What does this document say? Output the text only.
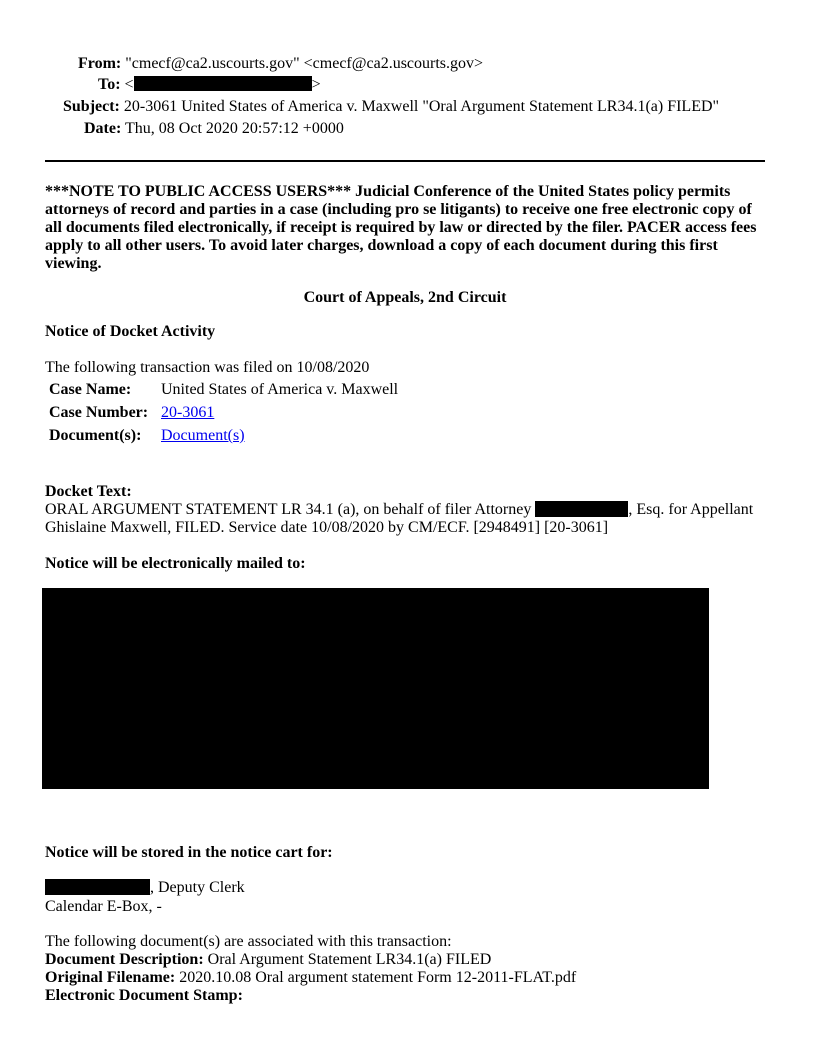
From: "cmecf@ca2.uscourts.gov" <cmecf@ca2.uscourts.gov>
To: <	>
Subject: 20-3061 United States of America v. Maxwell "Oral Argument Statement LR34.1(a) FILED"
Date: Thu, 08 Oct 2020 20:57:12 +0000
***NOTE TO PUBLIC ACCESS USERS*** Judicial Conference of the United States policy permits attorneys of record and parties in a case (including pro se litigants) to receive one free electronic copy of all documents filed electronically, if receipt is required by law or directed by the filer. PACER access fees apply to all other users. To avoid later charges, download a copy of each document during this first viewing.
Court of Appeals, 2nd Circuit
Notice of Docket Activity
The following transaction was filed on 10/08/2020
Case Name: United States of America v. Maxwell
Case Number: 20-3061
Document(s): Document(s)
Docket Text:
ORAL ARGUMENT STATEMENT LR 34.1 (a), on behalf of filer Attorney	, Esq. for Appellant Ghislaine Maxwell, FILED. Service date 10/08/2020 by CM/ECF. [2948491] [20-3061]
Notice will be electronically mailed to:
Notice will be stored in the notice cart for:
, Deputy Clerk
Calendar E-Box, -
The following document(s) are associated with this transaction:
Document Description: Oral Argument Statement LR34.1(a) FILED
Original Filename: 2020.10.08 Oral argument statement Form 12-2011-FLAT.pdf
Electronic Document Stamp:
